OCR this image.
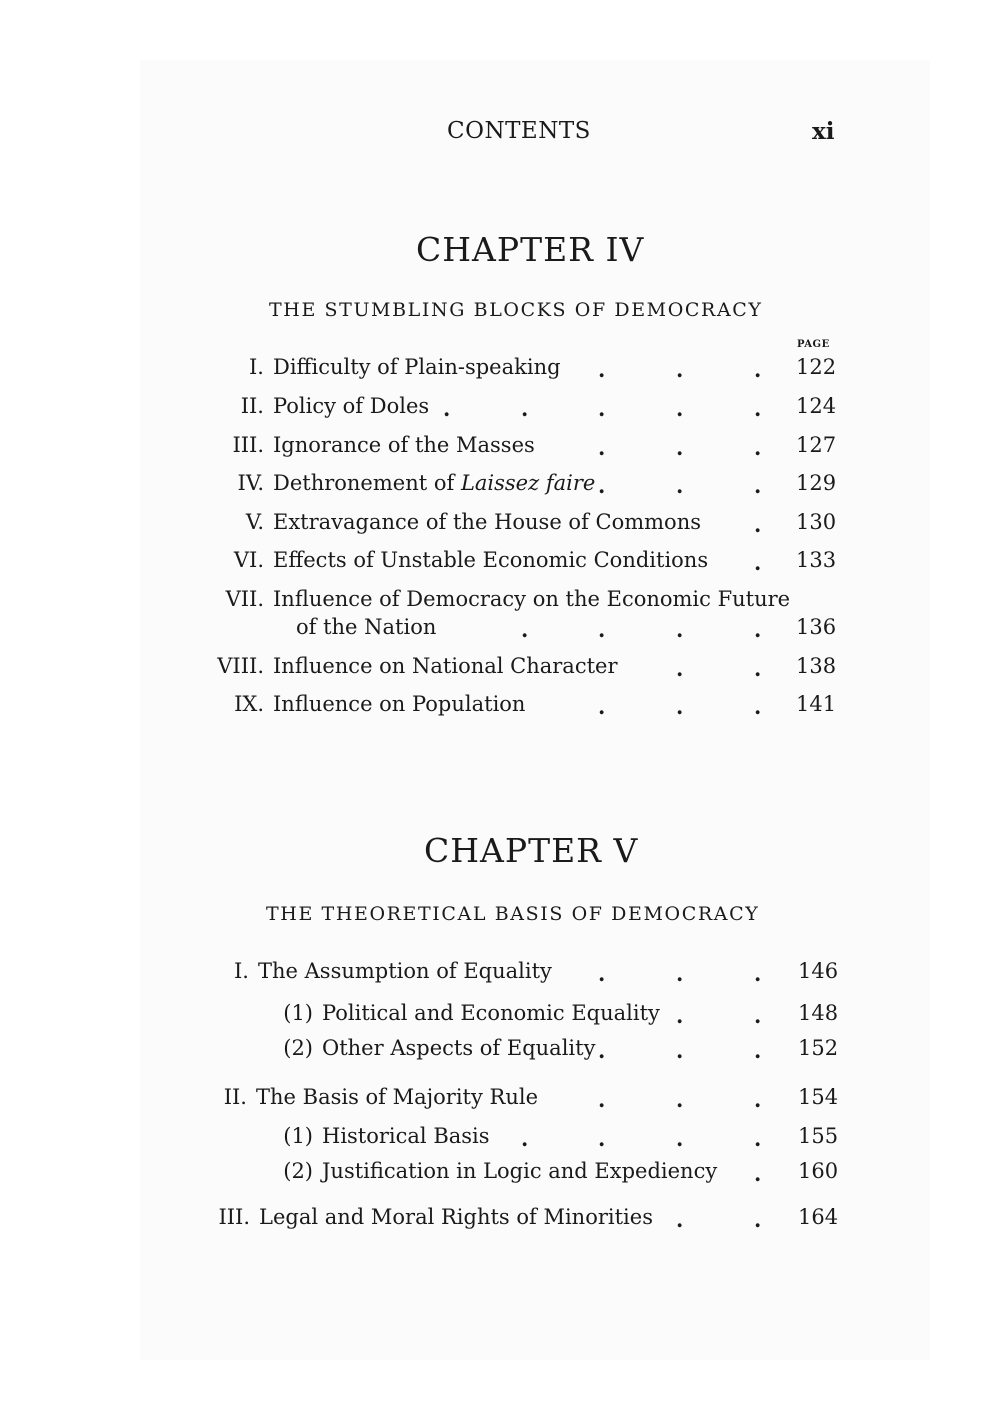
CONTENTS	xi
CHAPTER IV
THE STUMBLING BLOCKS OF DEMOCRACY
PAGE
I. Difficulty of Plain-speaking	122
.	.	.
II. Policy of Doles	124
.	.	.	.	.
III. Ignorance of the Masses	127
.	.	.
IV. Dethronement of Laissez faire	129
.	.	.
V. Extravagance of the House of Commons	130
.
VI. Effects of Unstable Economic Conditions	133
.
VII. Influence of Democracy on the Economic Future
of the Nation	136
.	.	.	.
VIII. Influence on National Character	138
.	.
IX. Influence on Population	141
.	.	.
CHAPTER V
THE THEORETICAL BASIS OF DEMOCRACY
I. The Assumption of Equality	146
.	.	.
(1) Political and Economic Equality	148
.	.
(2) Other Aspects of Equality	152
.	.	.
II. The Basis of Majority Rule	154
.	.	.
(1) Historical Basis	155
.	.	.	.
(2) Justification in Logic and Expediency	160
.
III. Legal and Moral Rights of Minorities	164
.	.
